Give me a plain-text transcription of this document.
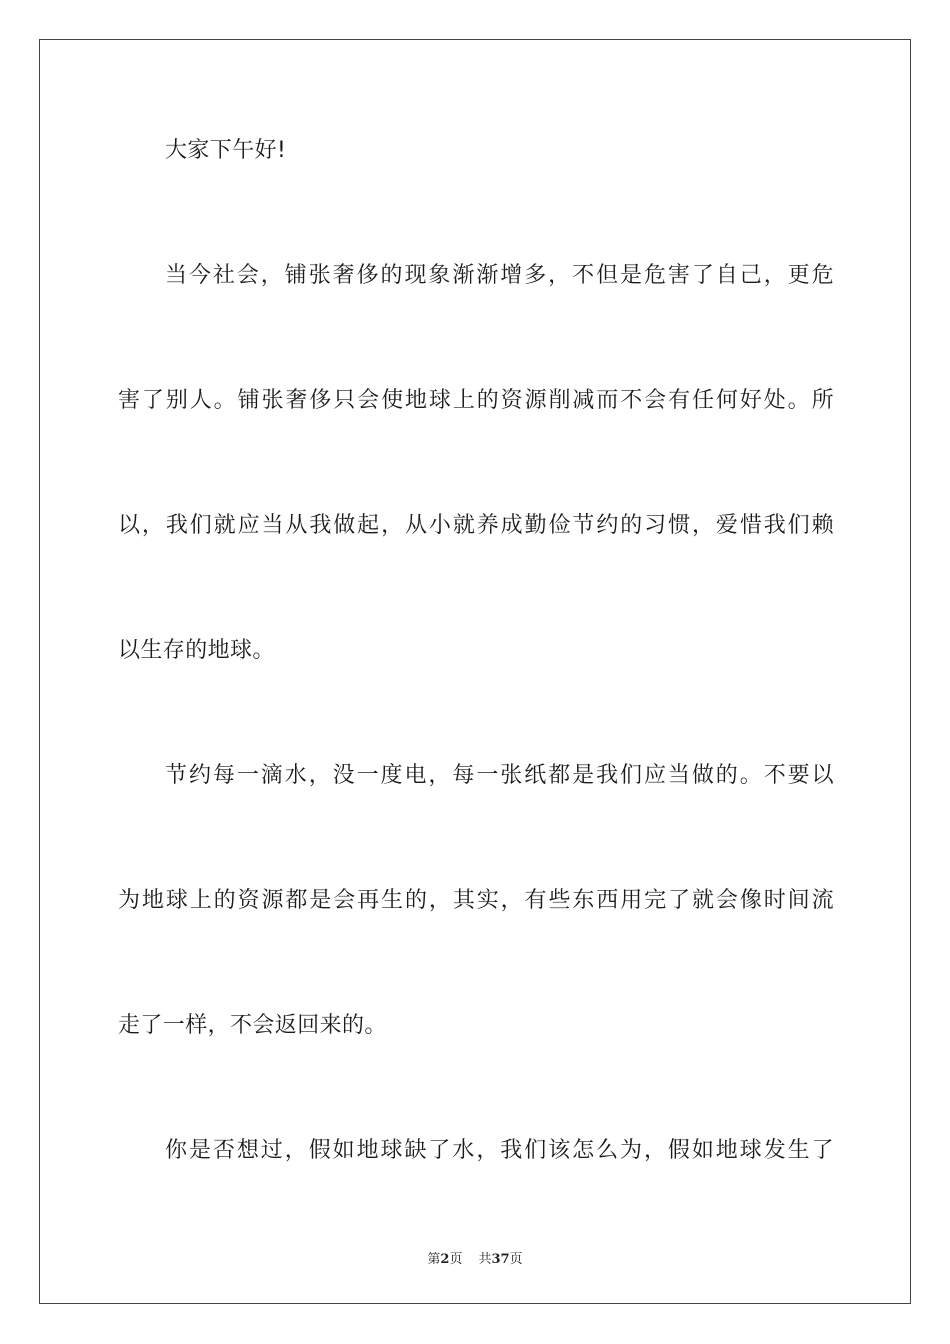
大家下午好!
当今社会，铺张奢侈的现象渐渐增多，不但是危害了自己，更危
害了别人。铺张奢侈只会使地球上的资源削减而不会有任何好处。所
以，我们就应当从我做起，从小就养成勤俭节约的习惯，爱惜我们赖
以生存的地球。
节约每一滴水，没一度电，每一张纸都是我们应当做的。不要以
为地球上的资源都是会再生的，其实，有些东西用完了就会像时间流
走了一样，不会返回来的。
你是否想过，假如地球缺了水，我们该怎么为，假如地球发生了
第2页 共37页
